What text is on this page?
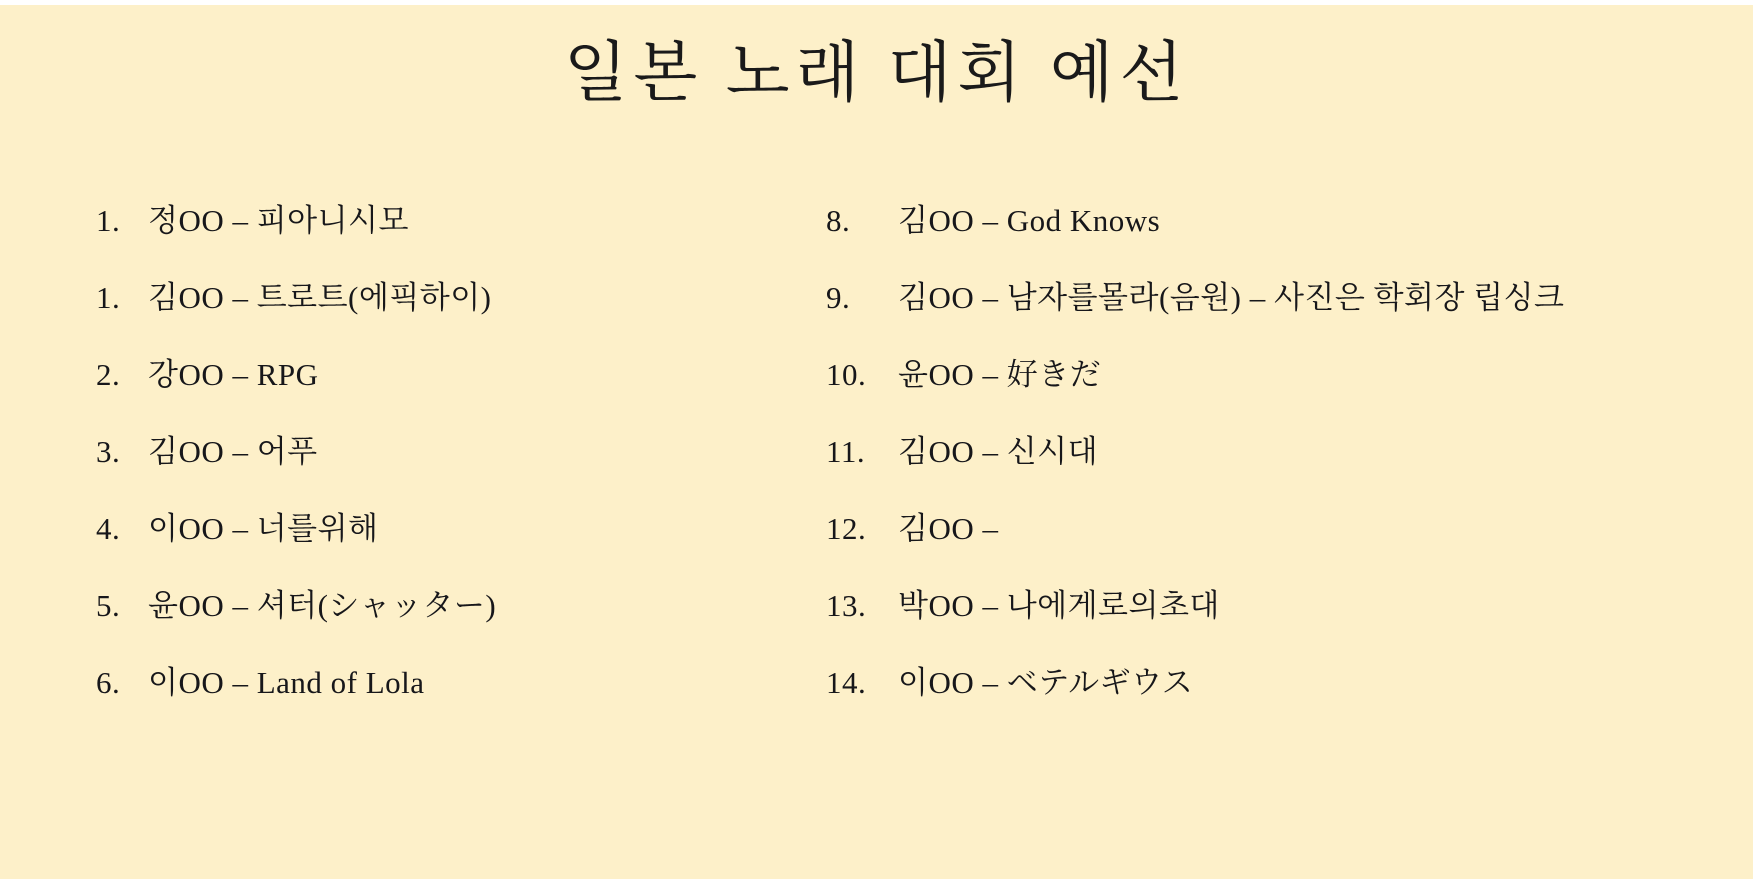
일본 노래 대회 예선
1. 정OO – 피아니시모
1. 김OO – 트로트(에픽하이)
2. 강OO – RPG
3. 김OO – 어푸
4. 이OO – 너를위해
5. 윤OO – 셔터(シャッター)
6. 이OO – Land of Lola
8.	김OO – God Knows
9.	김OO – 남자를몰라(음원) – 사진은 학회장 립싱크
10.	윤OO – 好きだ
11.	김OO – 신시대
12.	김OO –
13.	박OO – 나에게로의초대
14.	이OO – ベテルギウス
